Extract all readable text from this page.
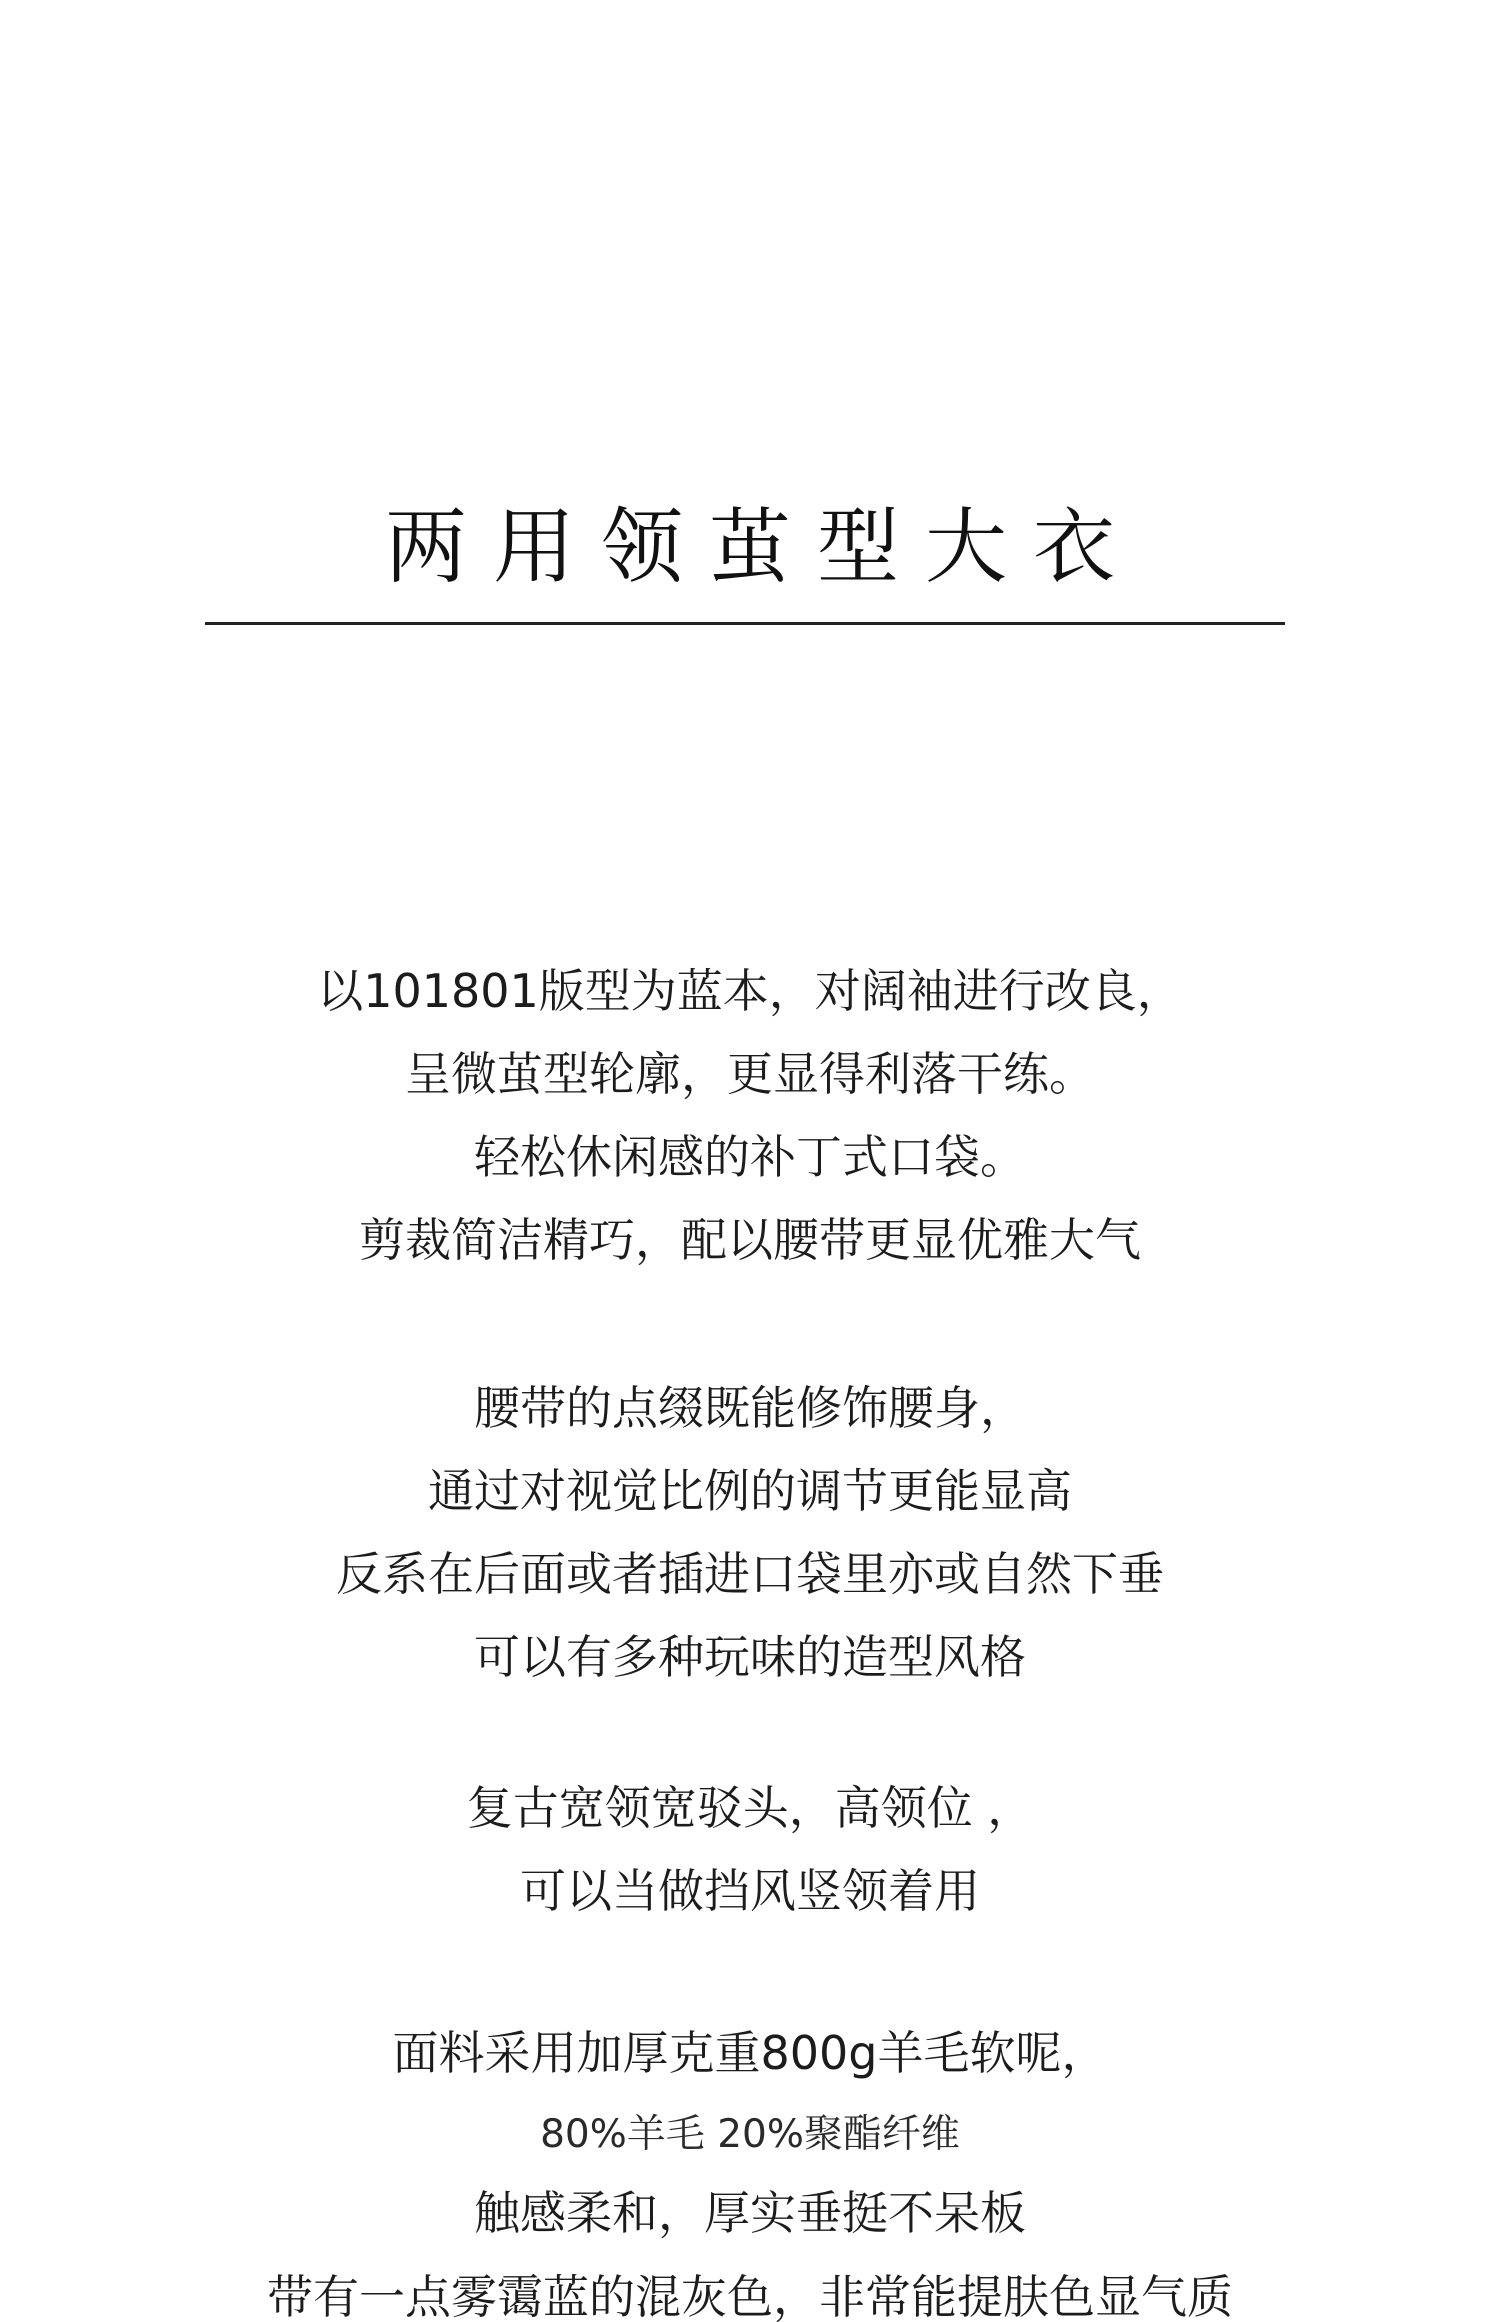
两用领茧型大衣
以101801版型为蓝本，对阔袖进行改良，
呈微茧型轮廓，更显得利落干练。
轻松休闲感的补丁式口袋。
剪裁简洁精巧，配以腰带更显优雅大气
腰带的点缀既能修饰腰身，
通过对视觉比例的调节更能显高
反系在后面或者插进口袋里亦或自然下垂
可以有多种玩味的造型风格
复古宽领宽驳头，高领位 ，
可以当做挡风竖领着用
面料采用加厚克重800g羊毛软呢，
80%羊毛 20%聚酯纤维
触感柔和，厚实垂挺不呆板
带有一点雾霭蓝的混灰色，非常能提肤色显气质
